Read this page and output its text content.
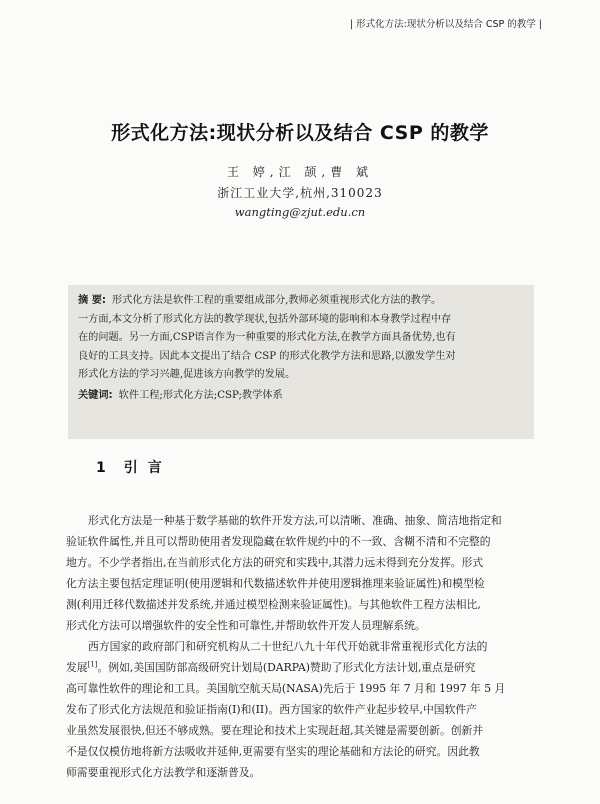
| 形式化方法:现状分析以及结合 CSP 的教学 |
形式化方法:现状分析以及结合 CSP 的教学
王 婷,江 颉,曹 斌
浙江工业大学,杭州,310023
wangting@zjut.edu.cn
摘 要: 形式化方法是软件工程的重要组成部分,教师必须重视形式化方法的教学。
一方面,本文分析了形式化方法的教学现状,包括外部环境的影响和本身教学过程中存
在的问题。另一方面,CSP语言作为一种重要的形式化方法,在教学方面具备优势,也有
良好的工具支持。因此本文提出了结合 CSP 的形式化教学方法和思路,以激发学生对
形式化方法的学习兴趣,促进该方向教学的发展。
关键词: 软件工程;形式化方法;CSP;教学体系
1 引言
形式化方法是一种基于数学基础的软件开发方法,可以清晰、准确、抽象、简洁地指定和
验证软件属性,并且可以帮助使用者发现隐藏在软件规约中的不一致、含糊不清和不完整的
地方。不少学者指出,在当前形式化方法的研究和实践中,其潜力远未得到充分发挥。形式
化方法主要包括定理证明(使用逻辑和代数描述软件并使用逻辑推理来验证属性)和模型检
测(利用迁移代数描述并发系统,并通过模型检测来验证属性)。与其他软件工程方法相比,
形式化方法可以增强软件的安全性和可靠性,并帮助软件开发人员理解系统。
西方国家的政府部门和研究机构从二十世纪八九十年代开始就非常重视形式化方法的
发展[1]。例如,美国国防部高级研究计划局(DARPA)赞助了形式化方法计划,重点是研究
高可靠性软件的理论和工具。美国航空航天局(NASA)先后于 1995 年 7 月和 1997 年 5 月
发布了形式化方法规范和验证指南(I)和(II)。西方国家的软件产业起步较早,中国软件产
业虽然发展很快,但还不够成熟。要在理论和技术上实现赶超,其关键是需要创新。创新并
不是仅仅模仿地将新方法吸收并延伸,更需要有坚实的理论基础和方法论的研究。因此教
师需要重视形式化方法教学和逐渐普及。
